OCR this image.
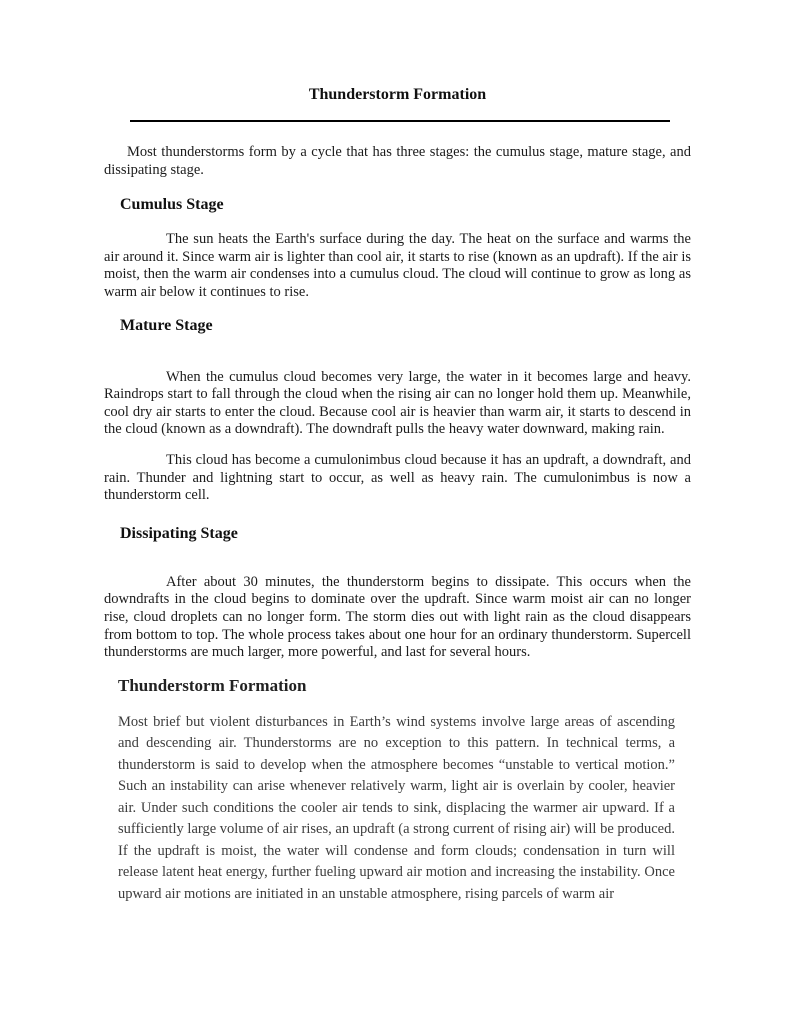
Thunderstorm Formation

Most thunderstorms form by a cycle that has three stages: the cumulus stage, mature stage, and dissipating stage.

Cumulus Stage

The sun heats the Earth's surface during the day. The heat on the surface and warms the air around it. Since warm air is lighter than cool air, it starts to rise (known as an updraft). If the air is moist, then the warm air condenses into a cumulus cloud. The cloud will continue to grow as long as warm air below it continues to rise.

Mature Stage

When the cumulus cloud becomes very large, the water in it becomes large and heavy. Raindrops start to fall through the cloud when the rising air can no longer hold them up. Meanwhile, cool dry air starts to enter the cloud. Because cool air is heavier than warm air, it starts to descend in the cloud (known as a downdraft). The downdraft pulls the heavy water downward, making rain.

This cloud has become a cumulonimbus cloud because it has an updraft, a downdraft, and rain. Thunder and lightning start to occur, as well as heavy rain. The cumulonimbus is now a thunderstorm cell.

Dissipating Stage

After about 30 minutes, the thunderstorm begins to dissipate. This occurs when the downdrafts in the cloud begins to dominate over the updraft. Since warm moist air can no longer rise, cloud droplets can no longer form. The storm dies out with light rain as the cloud disappears from bottom to top. The whole process takes about one hour for an ordinary thunderstorm. Supercell thunderstorms are much larger, more powerful, and last for several hours.

Thunderstorm Formation

Most brief but violent disturbances in Earth’s wind systems involve large areas of ascending and descending air. Thunderstorms are no exception to this pattern. In technical terms, a thunderstorm is said to develop when the atmosphere becomes “unstable to vertical motion.” Such an instability can arise whenever relatively warm, light air is overlain by cooler, heavier air. Under such conditions the cooler air tends to sink, displacing the warmer air upward. If a sufficiently large volume of air rises, an updraft (a strong current of rising air) will be produced. If the updraft is moist, the water will condense and form clouds; condensation in turn will release latent heat energy, further fueling upward air motion and increasing the instability. Once upward air motions are initiated in an unstable atmosphere, rising parcels of warm air
